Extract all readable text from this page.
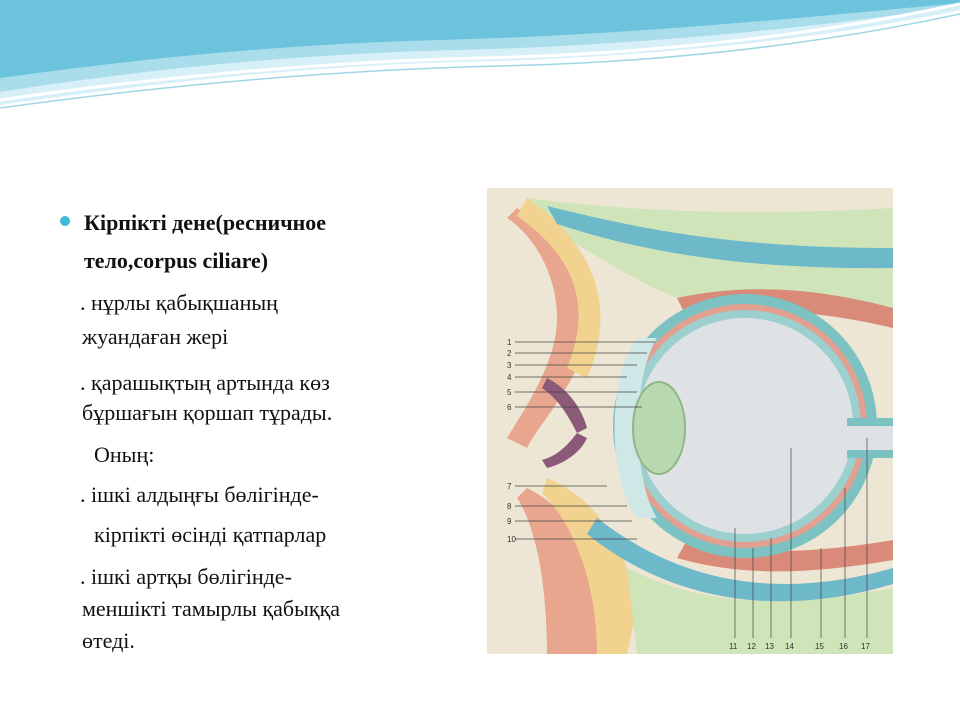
Кірпікті дене(ресничное
тело,corpus ciliare)
. нұрлы қабықшаның
жуандаған жері
. қарашықтың артында көз
бұршағын қоршап тұрады.
Оның:
. ішкі алдыңғы бөлігінде-
кірпікті өсінді қатпарлар
. ішкі артқы бөлігінде-
меншікті тамырлы қабыққа
өтеді.
1
2
3
4
5
6
7
8
9
10
11 12 13 14	15 16 17
